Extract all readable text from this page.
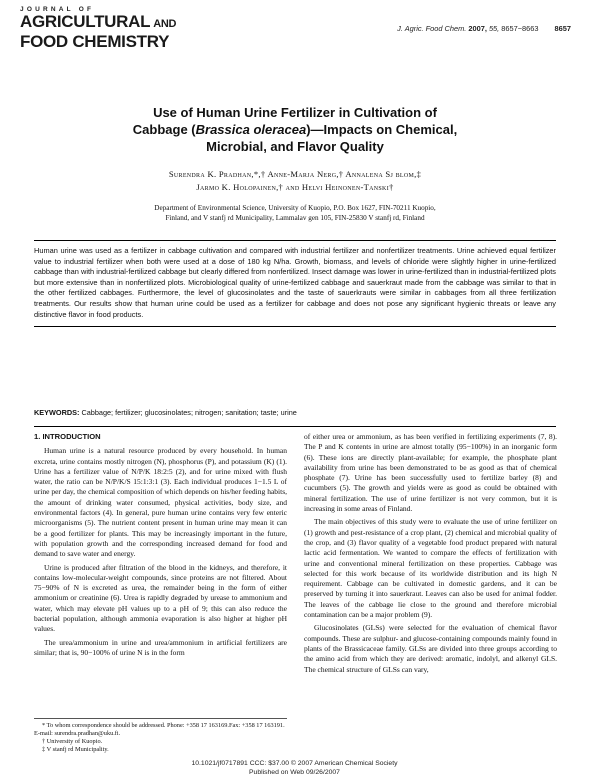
JOURNAL OF
AGRICULTURAL AND
FOOD CHEMISTRY
J. Agric. Food Chem. 2007, 55, 8657−8663 8657
Use of Human Urine Fertilizer in Cultivation of
Cabbage (Brassica oleracea)—Impacts on Chemical,
Microbial, and Flavor Quality
Surendra K. Pradhan,*,† Anne-Marja Nerg,† Annalena Sj blom,‡
Jarmo K. Holopainen,† and Helvi Heinonen-Tanski†
Department of Environmental Science, University of Kuopio, P.O. Box 1627, FIN-70211 Kuopio,
Finland, and V stanfj rd Municipality, Lammalav gen 105, FIN-25830 V stanfj rd, Finland
Human urine was used as a fertilizer in cabbage cultivation and compared with industrial fertilizer and nonfertilizer treatments. Urine achieved equal fertilizer value to industrial fertilizer when both were used at a dose of 180 kg N/ha. Growth, biomass, and levels of chloride were slightly higher in urine-fertilized cabbage than with industrial-fertilized cabbage but clearly differed from nonfertilized. Insect damage was lower in urine-fertilized than in industrial-fertilized plots but more extensive than in nonfertilized plots. Microbiological quality of urine-fertilized cabbage and sauerkraut made from the cabbage was similar to that in the other fertilized cabbages. Furthermore, the level of glucosinolates and the taste of sauerkrauts were similar in cabbages from all three fertilization treatments. Our results show that human urine could be used as a fertilizer for cabbage and does not pose any significant hygienic threats or leave any distinctive flavor in food products.
KEYWORDS: Cabbage; fertilizer; glucosinolates; nitrogen; sanitation; taste; urine
1. INTRODUCTION

Human urine is a natural resource produced by every household. In human excreta, urine contains mostly nitrogen (N), phosphorus (P), and potassium (K) (1). Urine has a fertilizer value of N/P/K 18:2:5 (2), and for urine mixed with flush water, the ratio can be N/P/K/S 15:1:3:1 (3). Each individual produces 1−1.5 L of urine per day, the chemical composition of which depends on his/her feeding habits, the amount of drinking water consumed, physical activities, body size, and environmental factors (4). In general, pure human urine contains very few enteric microorganisms (5). The nutrient content present in human urine may mean it can be a good fertilizer for plants. This may be increasingly important in the future, with population growth and the corresponding increased demand for food and demand to save water and energy.

Urine is produced after filtration of the blood in the kidneys, and therefore, it contains low-molecular-weight compounds, since proteins are not filtered. About 75−90% of N is excreted as urea, the remainder being in the form of either ammonium or creatinine (6). Urea is rapidly degraded by urease to ammonium and water, which may elevate pH values up to a pH of 9; this can also reduce the bacterial population, although ammonia evaporation is also higher at higher pH values.

The urea/ammonium in urine and urea/ammonium in artificial fertilizers are similar; that is, 90−100% of urine N is in the form

of either urea or ammonium, as has been verified in fertilizing experiments (7, 8). The P and K contents in urine are almost totally (95−100%) in an inorganic form (6). These ions are directly plant-available; for example, the phosphate plant availability from urine has been demonstrated to be as good as that of chemical phosphate (7). Urine has been successfully used to fertilize barley (8) and cucumbers (5). The growth and yields were as good as could be obtained with mineral fertilization. The use of urine fertilizer is not very common, but it is increasing in some areas of Finland.

The main objectives of this study were to evaluate the use of urine fertilizer on (1) growth and pest-resistance of a crop plant, (2) chemical and microbial quality of the crop, and (3) flavor quality of a vegetable food product prepared with natural lactic acid fermentation. We wanted to compare the effects of fertilization with urine and conventional mineral fertilization on these properties. Cabbage was selected for this work because of its worldwide distribution and its high N requirement. Cabbage can be cultivated in domestic gardens, and it can be preserved by turning it into sauerkraut. Leaves can also be used for animal fodder. The leaves of the cabbage lie close to the ground and therefore microbial contamination can be a major problem (9).

Glucosinolates (GLSs) were selected for the evaluation of chemical flavor compounds. These are sulphur- and glucose-containing compounds mainly found in plants of the Brassicaceae family. GLSs are divided into three groups according to the amino acid from which they are derived: aromatic, indolyl, and alkenyl GLS. The chemical structure of GLSs can vary,

* To whom correspondence should be addressed. Phone: +358 17 163169.Fax: +358 17 163191. E-mail: surendra.pradhan@uku.fi.
† University of Kuopio.
‡ V stanfj rd Municipality.
10.1021/jf0717891 CCC: $37.00 © 2007 American Chemical Society
Published on Web 09/26/2007
